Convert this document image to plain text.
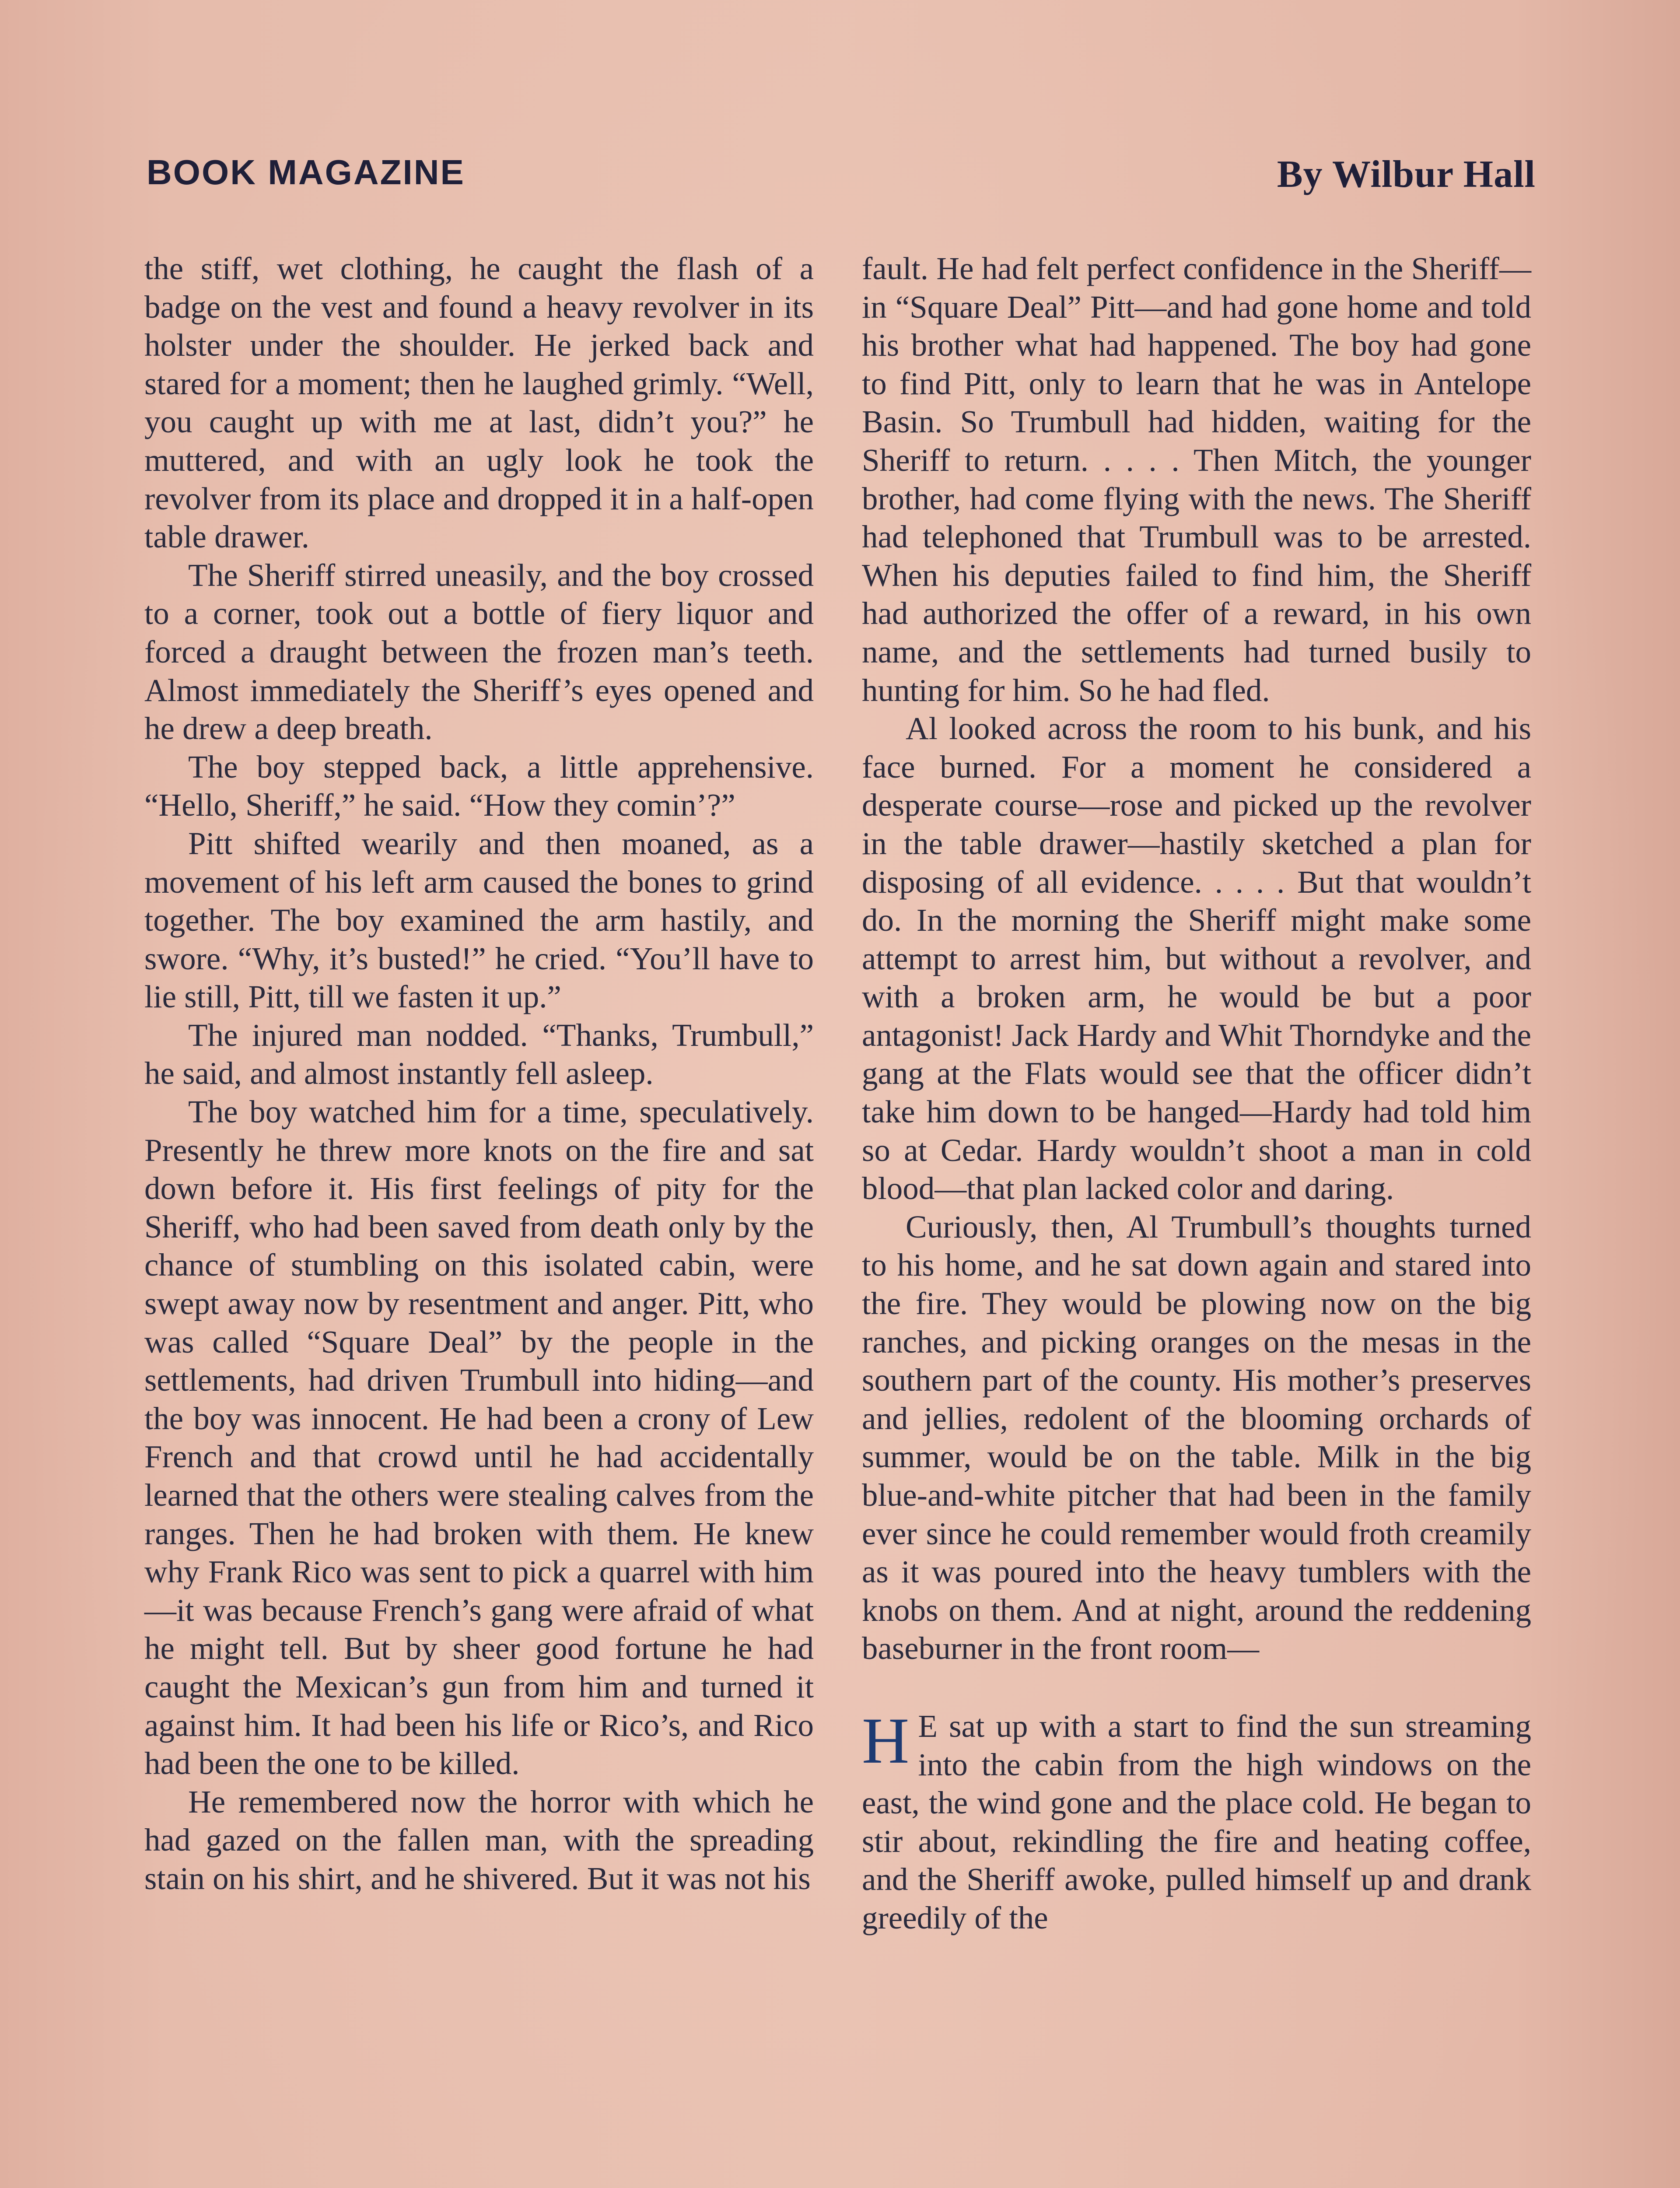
BOOK MAGAZINE	By Wilbur Hall

the stiff, wet clothing, he caught the flash of a badge on the vest and found a heavy revolver in its holster under the shoulder. He jerked back and stared for a moment; then he laughed grimly. “Well, you caught up with me at last, didn’t you?” he muttered, and with an ugly look he took the revolver from its place and dropped it in a half-open table drawer.

The Sheriff stirred uneasily, and the boy crossed to a corner, took out a bottle of fiery liquor and forced a draught between the frozen man’s teeth. Almost immediately the Sheriff’s eyes opened and he drew a deep breath.

The boy stepped back, a little apprehensive. “Hello, Sheriff,” he said. “How they comin’?”

Pitt shifted wearily and then moaned, as a movement of his left arm caused the bones to grind together. The boy examined the arm hastily, and swore. “Why, it’s busted!” he cried. “You’ll have to lie still, Pitt, till we fasten it up.”

The injured man nodded. “Thanks, Trumbull,” he said, and almost instantly fell asleep.

The boy watched him for a time, speculatively. Presently he threw more knots on the fire and sat down before it. His first feelings of pity for the Sheriff, who had been saved from death only by the chance of stumbling on this isolated cabin, were swept away now by resentment and anger. Pitt, who was called “Square Deal” by the people in the settlements, had driven Trumbull into hiding—and the boy was innocent. He had been a crony of Lew French and that crowd until he had accidentally learned that the others were stealing calves from the ranges. Then he had broken with them. He knew why Frank Rico was sent to pick a quarrel with him—it was because French’s gang were afraid of what he might tell. But by sheer good fortune he had caught the Mexican’s gun from him and turned it against him. It had been his life or Rico’s, and Rico had been the one to be killed.

He remembered now the horror with which he had gazed on the fallen man, with the spreading stain on his shirt, and he shivered. But it was not his

fault. He had felt perfect confidence in the Sheriff—in “Square Deal” Pitt—and had gone home and told his brother what had happened. The boy had gone to find Pitt, only to learn that he was in Antelope Basin. So Trumbull had hidden, waiting for the Sheriff to return. . . . . Then Mitch, the younger brother, had come flying with the news. The Sheriff had telephoned that Trumbull was to be arrested. When his deputies failed to find him, the Sheriff had authorized the offer of a reward, in his own name, and the settlements had turned busily to hunting for him. So he had fled.

Al looked across the room to his bunk, and his face burned. For a moment he considered a desperate course—rose and picked up the revolver in the table drawer—hastily sketched a plan for disposing of all evidence. . . . . But that wouldn’t do. In the morning the Sheriff might make some attempt to arrest him, but without a revolver, and with a broken arm, he would be but a poor antagonist! Jack Hardy and Whit Thorndyke and the gang at the Flats would see that the officer didn’t take him down to be hanged—Hardy had told him so at Cedar. Hardy wouldn’t shoot a man in cold blood—that plan lacked color and daring.

Curiously, then, Al Trumbull’s thoughts turned to his home, and he sat down again and stared into the fire. They would be plowing now on the big ranches, and picking oranges on the mesas in the southern part of the county. His mother’s preserves and jellies, redolent of the blooming orchards of summer, would be on the table. Milk in the big blue-and-white pitcher that had been in the family ever since he could remember would froth creamily as it was poured into the heavy tumblers with the knobs on them. And at night, around the reddening baseburner in the front room—

H E sat up with a start to find the sun streaming into the cabin from the high windows on the east, the wind gone and the place cold. He began to stir about, rekindling the fire and heating coffee, and the Sheriff awoke, pulled himself up and drank greedily of the
